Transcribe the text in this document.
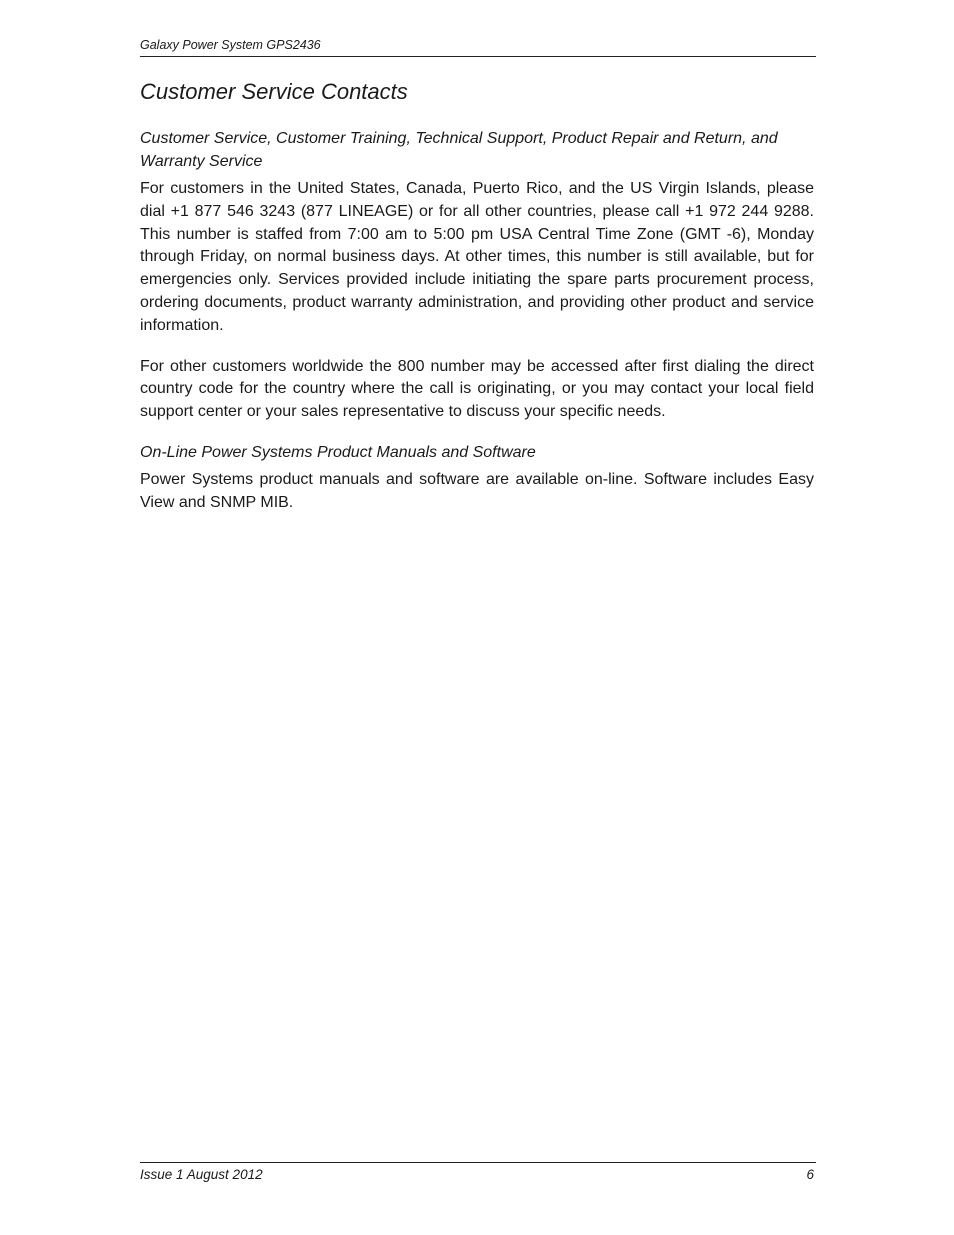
Galaxy Power System GPS2436
Customer Service Contacts
Customer Service, Customer Training, Technical Support, Product Repair and Return, and Warranty Service

For customers in the United States, Canada, Puerto Rico, and the US Virgin Islands, please dial +1 877 546 3243 (877 LINEAGE) or for all other countries, please call +1 972 244 9288. This number is staffed from 7:00 am to 5:00 pm USA Central Time Zone (GMT -6), Monday through Friday, on normal business days. At other times, this number is still available, but for emergencies only. Services provided include initiating the spare parts procurement process, ordering documents, product warranty administration, and providing other product and service information.

For other customers worldwide the 800 number may be accessed after first dialing the direct country code for the country where the call is originating, or you may contact your local field support center or your sales representative to discuss your specific needs.

On-Line Power Systems Product Manuals and Software

Power Systems product manuals and software are available on-line. Software includes Easy View and SNMP MIB.

Issue 1 August 2012	6
